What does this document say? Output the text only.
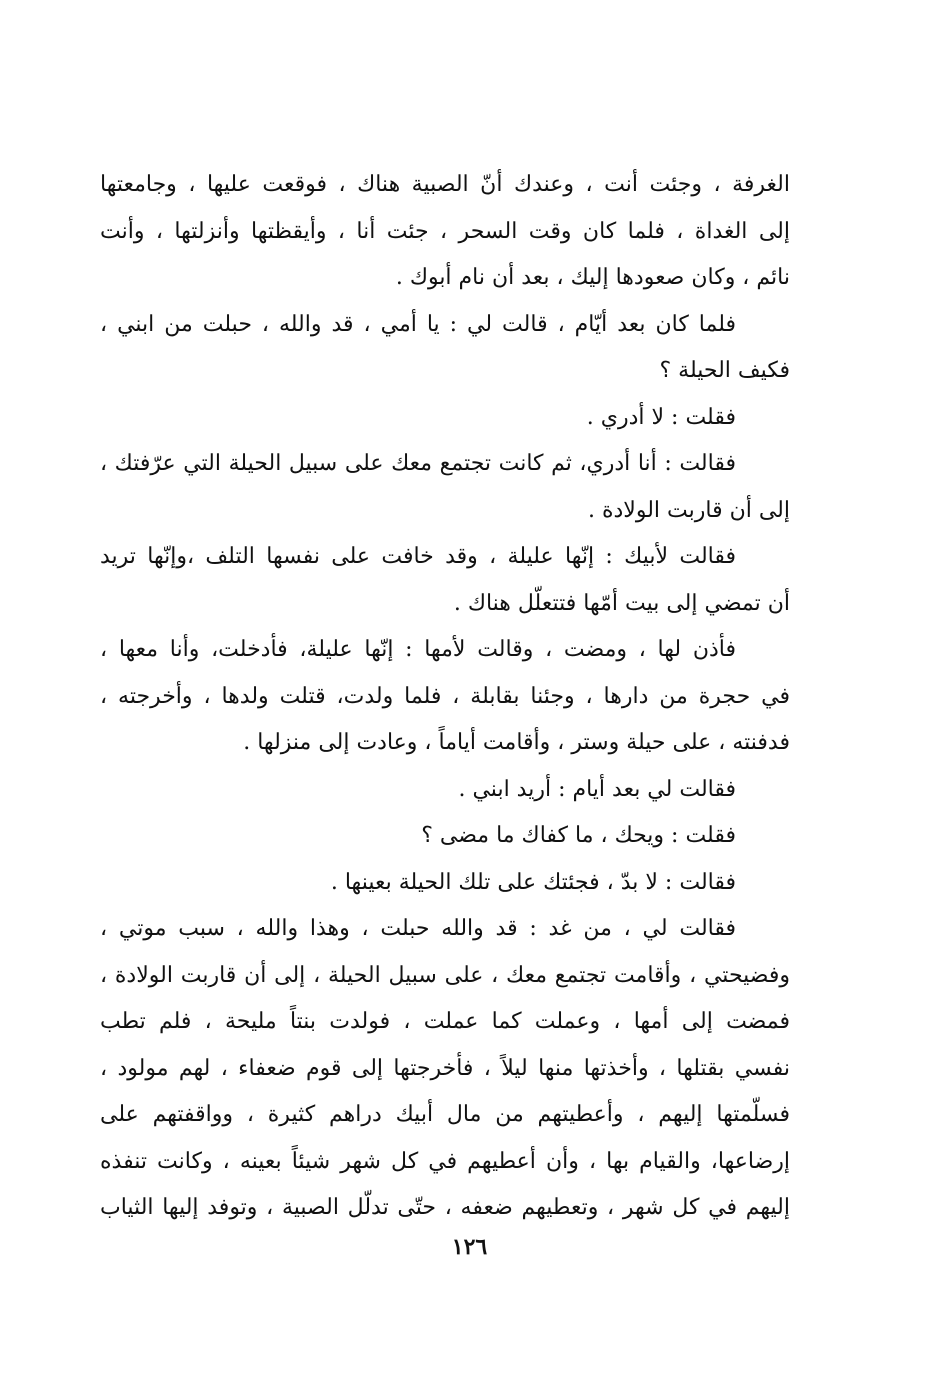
الغرفة ، وجئت أنت ، وعندك أنّ الصبية هناك ، فوقعت عليها ، وجامعتها
إلى الغداة ، فلما كان وقت السحر ، جئت أنا ، وأيقظتها وأنزلتها ، وأنت
نائم ، وكان صعودها إليك ، بعد أن نام أبوك .
فلما كان بعد أيّام ، قالت لي : يا أمي ، قد والله ، حبلت من ابني ،
فكيف الحيلة ؟
فقلت : لا أدري .
فقالت : أنا أدري، ثم كانت تجتمع معك على سبيل الحيلة التي عرّفتك ،
إلى أن قاربت الولادة .
فقالت لأبيك : إنّها عليلة ، وقد خافت على نفسها التلف ،وإنّها تريد
أن تمضي إلى بيت أمّها فتتعلّل هناك .
فأذن لها ، ومضت ، وقالت لأمها : إنّها عليلة، فأدخلت، وأنا معها ،
في حجرة من دارها ، وجئنا بقابلة ، فلما ولدت، قتلت ولدها ، وأخرجته ،
فدفنته ، على حيلة وستر ، وأقامت أياماً ، وعادت إلى منزلها .
فقالت لي بعد أيام : أريد ابني .
فقلت : ويحك ، ما كفاك ما مضى ؟
فقالت : لا بدّ ، فجئتك على تلك الحيلة بعينها .
فقالت لي ، من غد : قد والله حبلت ، وهذا والله ، سبب موتي ،
وفضيحتي ، وأقامت تجتمع معك ، على سبيل الحيلة ، إلى أن قاربت الولادة ،
فمضت إلى أمها ، وعملت كما عملت ، فولدت بنتاً مليحة ، فلم تطب
نفسي بقتلها ، وأخذتها منها ليلاً ، فأخرجتها إلى قوم ضعفاء ، لهم مولود ،
فسلّمتها إليهم ، وأعطيتهم من مال أبيك دراهم كثيرة ، وواقفتهم على
إرضاعها، والقيام بها ، وأن أعطيهم في كل شهر شيئاً بعينه ، وكانت تنفذه
إليهم في كل شهر ، وتعطيهم ضعفه ، حتّى تدلّل الصبية ، وتوفد إليها الثياب
١٢٦
